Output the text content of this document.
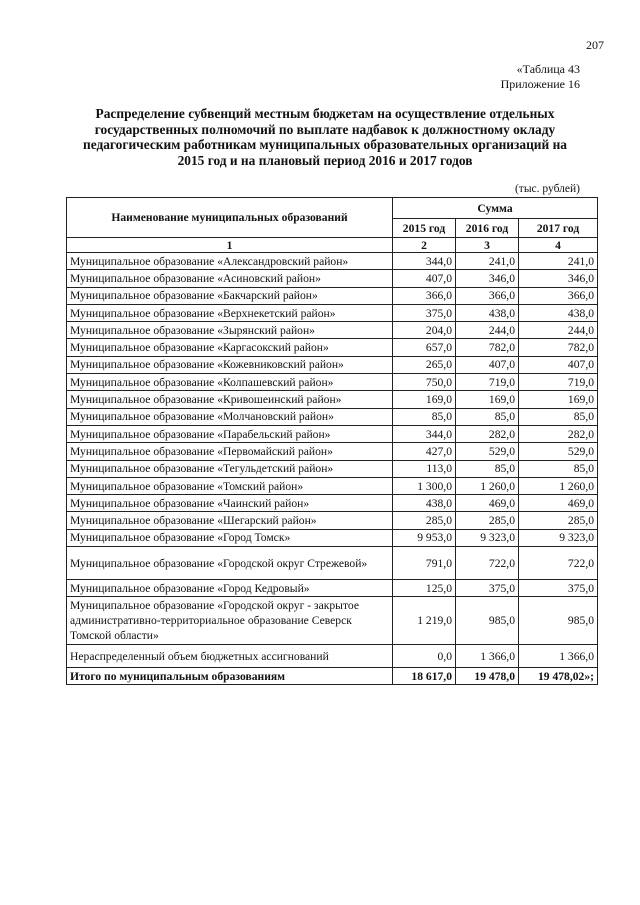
207
«Таблица 43
Приложение 16
Распределение субвенций местным бюджетам на осуществление отдельных государственных полномочий по выплате надбавок к должностному окладу педагогическим работникам муниципальных образовательных организаций на 2015 год и на плановый период 2016 и 2017 годов
(тыс. рублей)
Наименование муниципальных образований	Сумма		
	2015 год	2016 год	2017 год
1	2	3	4
Муниципальное образование «Александровский район»	344,0	241,0	241,0
Муниципальное образование «Асиновский район»	407,0	346,0	346,0
Муниципальное образование «Бакчарский район»	366,0	366,0	366,0
Муниципальное образование «Верхнекетский район»	375,0	438,0	438,0
Муниципальное образование «Зырянский район»	204,0	244,0	244,0
Муниципальное образование «Каргасокский район»	657,0	782,0	782,0
Муниципальное образование «Кожевниковский район»	265,0	407,0	407,0
Муниципальное образование «Колпашевский район»	750,0	719,0	719,0
Муниципальное образование «Кривошеинский район»	169,0	169,0	169,0
Муниципальное образование «Молчановский район»	85,0	85,0	85,0
Муниципальное образование «Парабельский район»	344,0	282,0	282,0
Муниципальное образование «Первомайский район»	427,0	529,0	529,0
Муниципальное образование «Тегульдетский район»	113,0	85,0	85,0
Муниципальное образование «Томский район»	1 300,0	1 260,0	1 260,0
Муниципальное образование «Чаинский район»	438,0	469,0	469,0
Муниципальное образование «Шегарский район»	285,0	285,0	285,0
Муниципальное образование «Город Томск»	9 953,0	9 323,0	9 323,0
Муниципальное образование «Городской округ Стрежевой»	791,0	722,0	722,0
Муниципальное образование «Город Кедровый»	125,0	375,0	375,0
Муниципальное образование «Городской округ - закрытое административно-территориальное образование Северск Томской области»	1 219,0	985,0	985,0
Нераспределенный объем бюджетных ассигнований	0,0	1 366,0	1 366,0
Итого по муниципальным образованиям	18 617,0	19 478,0	19 478,02»;
